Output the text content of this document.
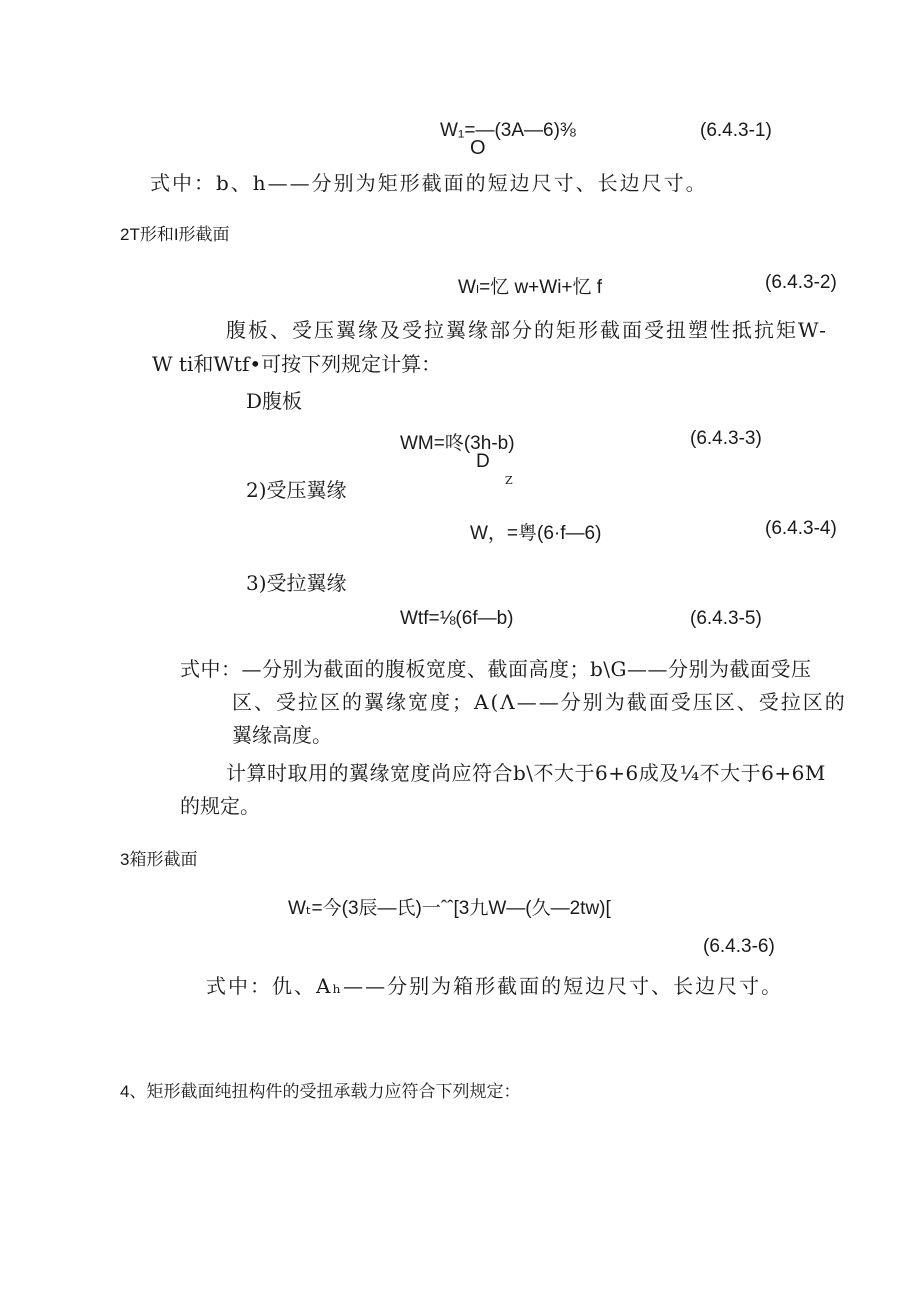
W₁=—(3A—6)⅜
O
(6.4.3-1)
式中：b、h——分别为矩形截面的短边尺寸、长边尺寸。
2T形和I形截面
Wₗ=忆 w+Wi+忆 f	(6.4.3-2)
腹板、受压翼缘及受拉翼缘部分的矩形截面受扭塑性抵抗矩W-
W ti和Wtf•可按下列规定计算：
D腹板
WM=咚(3h-b)
D
Z
(6.4.3-3)
2)受压翼缘
W，=粤(6·f—6)	(6.4.3-4)
3)受拉翼缘
Wtf=⅛(6f—b)	(6.4.3-5)
式中：—分别为截面的腹板宽度、截面高度；b\G——分别为截面受压
区、受拉区的翼缘宽度；A(Λ——分别为截面受压区、受拉区的
翼缘高度。
计算时取用的翼缘宽度尚应符合b\不大于6+6成及¼不大于6+6M
的规定。
3箱形截面
Wₜ=今(3辰—氏)一ˆˆ[3九W—(久—2tw)[
(6.4.3-6)
式中：仇、Aₕ——分别为箱形截面的短边尺寸、长边尺寸。
4、矩形截面纯扭构件的受扭承载力应符合下列规定：
